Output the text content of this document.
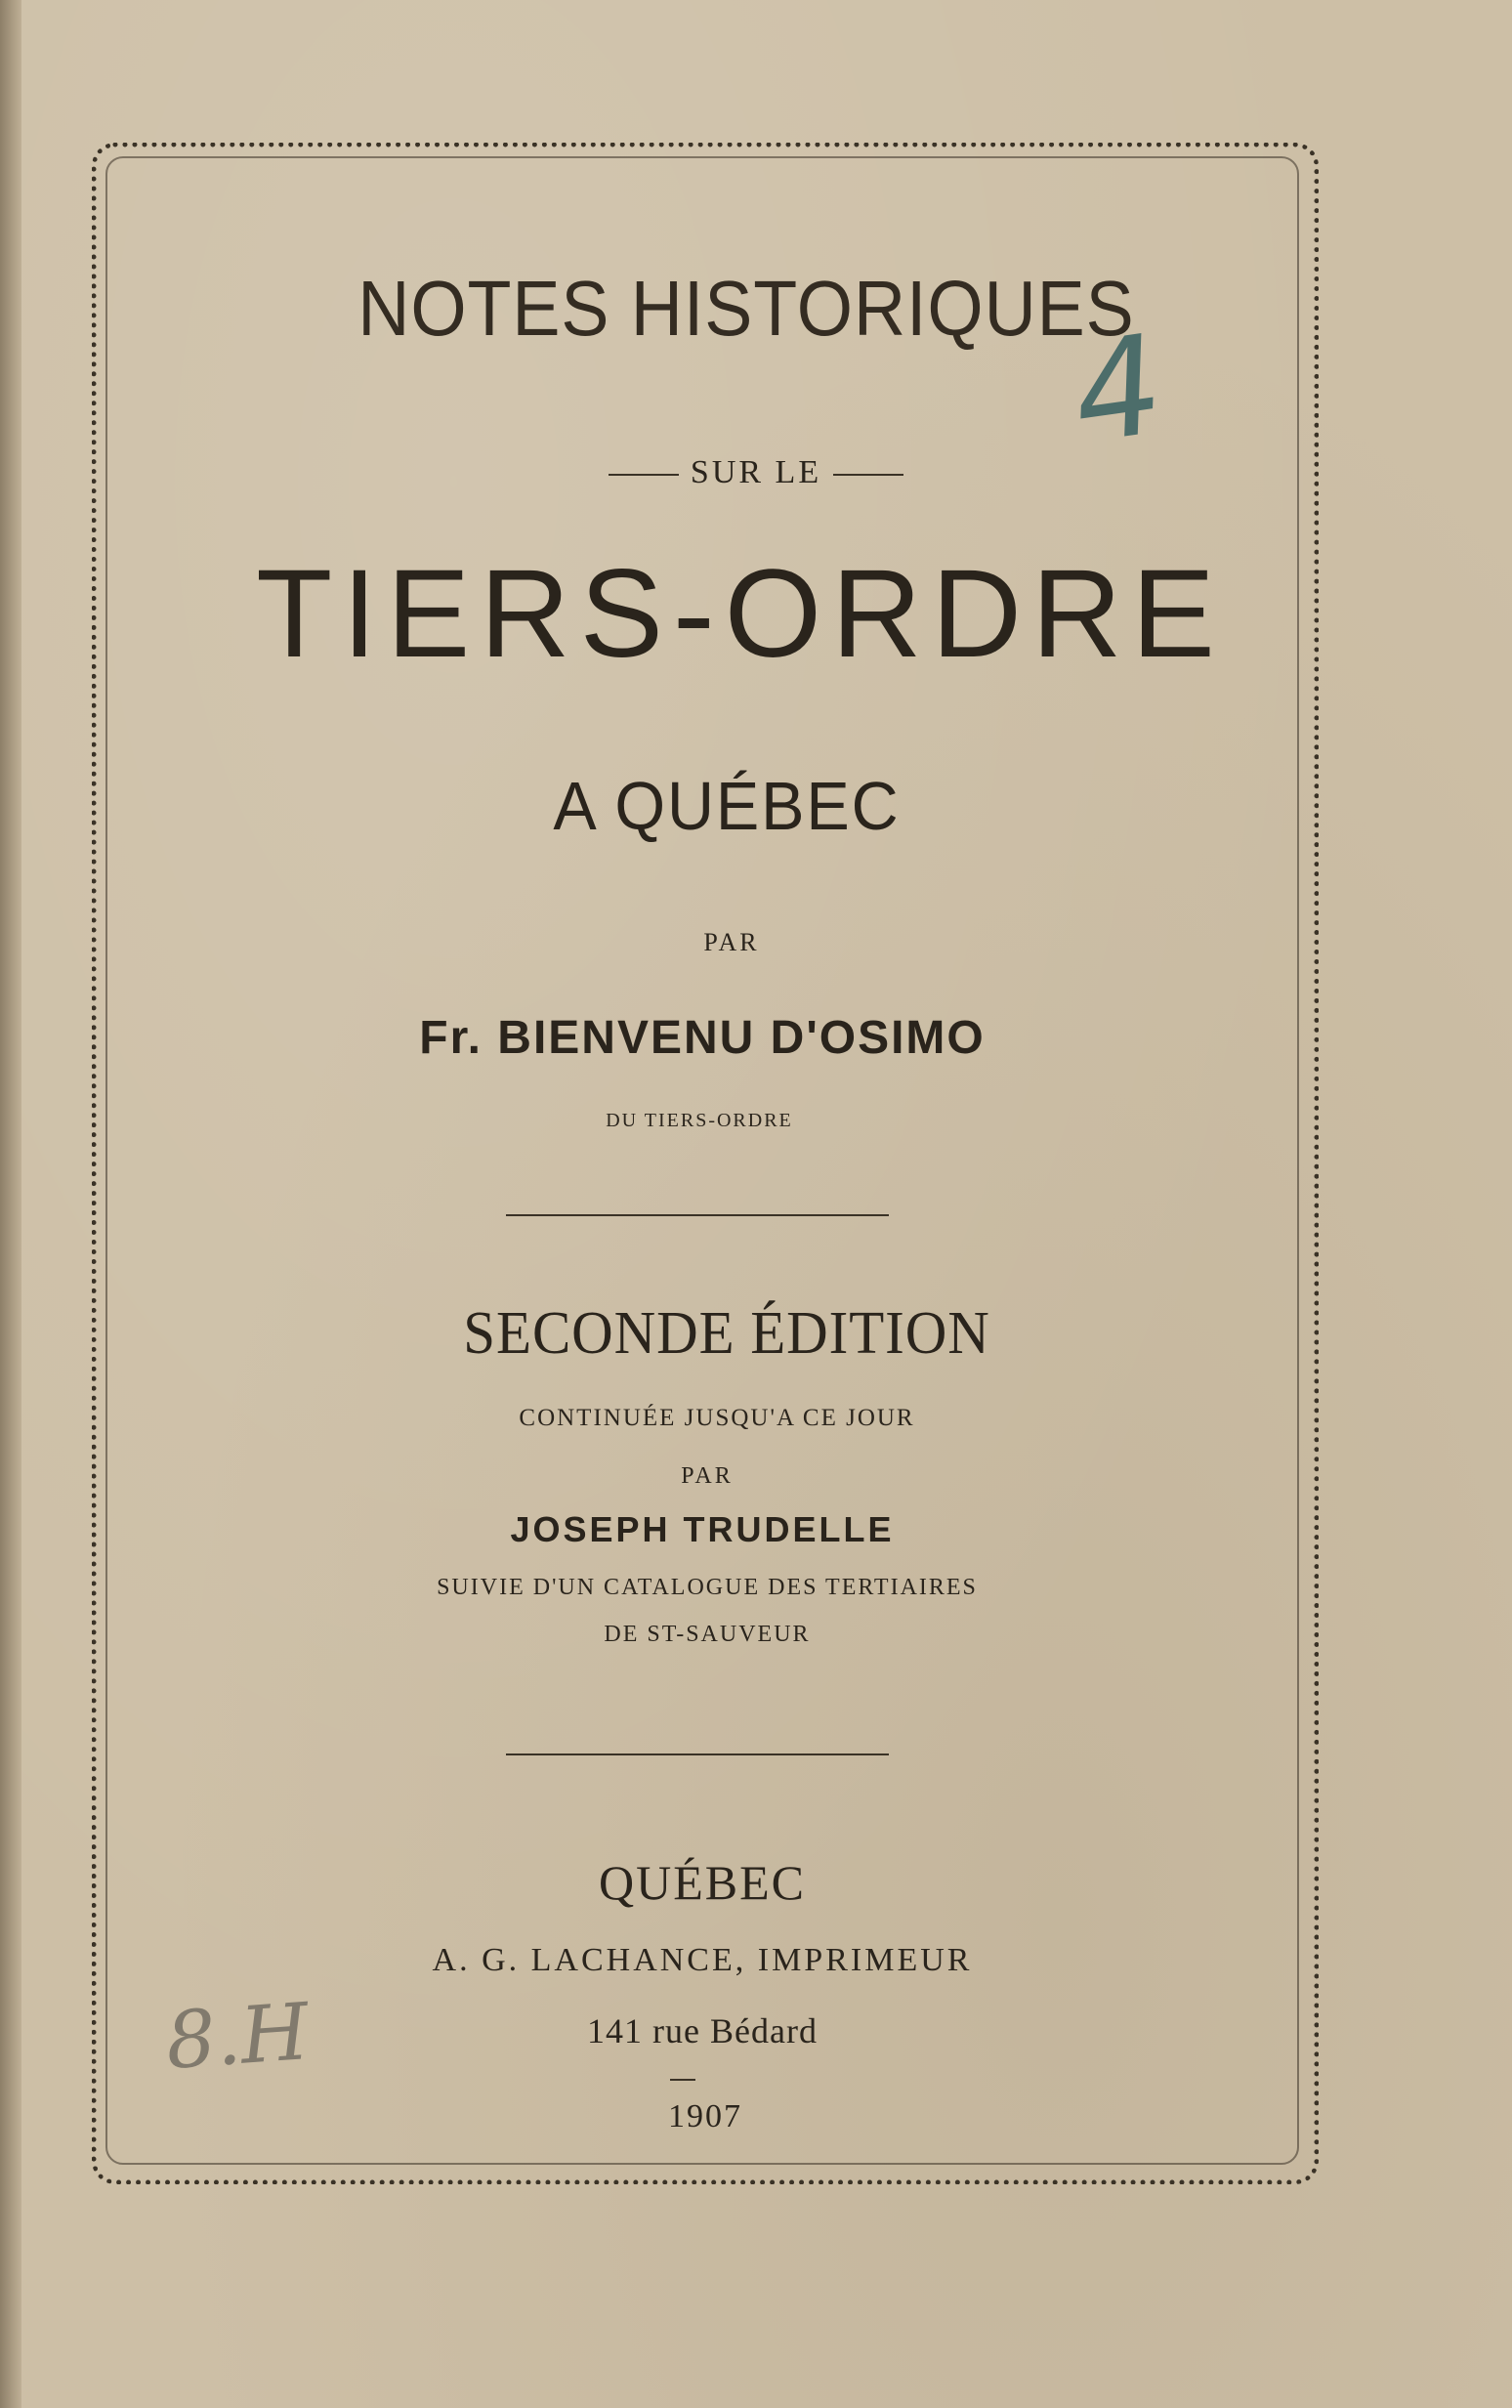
NOTES HISTORIQUES
SUR LE
TIERS-ORDRE
A QUÉBEC
PAR
Fr. BIENVENU D'OSIMO
DU TIERS-ORDRE
SECONDE ÉDITION
CONTINUÉE JUSQU'A CE JOUR
PAR
JOSEPH TRUDELLE
SUIVIE D'UN CATALOGUE DES TERTIAIRES
DE ST-SAUVEUR
QUÉBEC
A. G. LACHANCE, IMPRIMEUR
141 rue Bédard
1907
4
8.H
